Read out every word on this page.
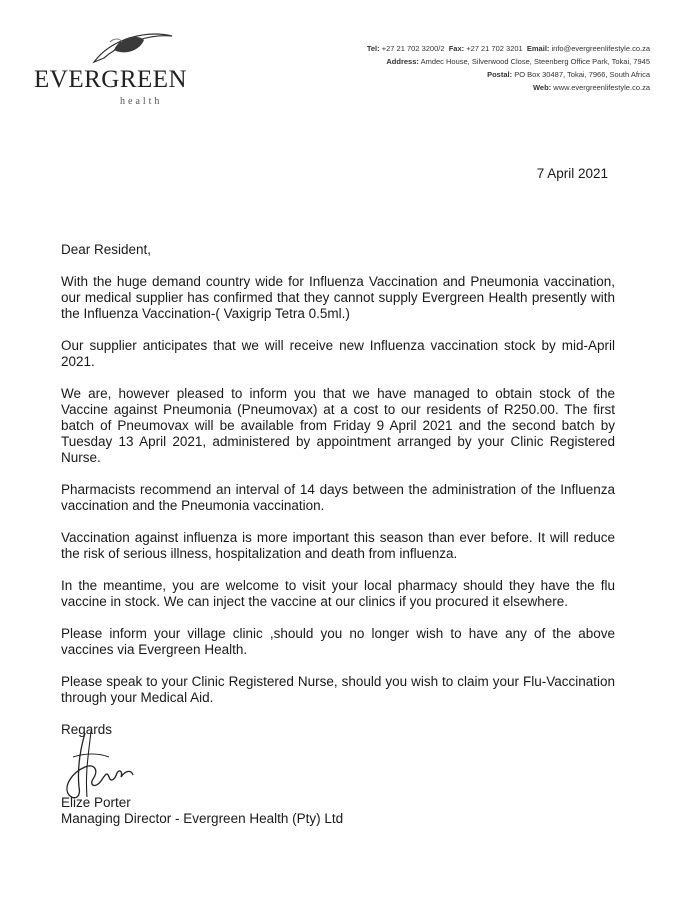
EVERGREEN
health
Tel: +27 21 702 3200/2 Fax: +27 21 702 3201 Email: info@evergreenlifestyle.co.za
Address: Amdec House, Silverwood Close, Steenberg Office Park, Tokai, 7945
Postal: PO Box 30487, Tokai, 7966, South Africa
Web: www.evergreenlifestyle.co.za
7 April 2021
Dear Resident,

With the huge demand country wide for Influenza Vaccination and Pneumonia vaccination, our medical supplier has confirmed that they cannot supply Evergreen Health presently with the Influenza Vaccination-( Vaxigrip Tetra 0.5ml.)

Our supplier anticipates that we will receive new Influenza vaccination stock by mid-April 2021.

We are, however pleased to inform you that we have managed to obtain stock of the Vaccine against Pneumonia (Pneumovax) at a cost to our residents of R250.00. The first batch of Pneumovax will be available from Friday 9 April 2021 and the second batch by Tuesday 13 April 2021, administered by appointment arranged by your Clinic Registered Nurse.

Pharmacists recommend an interval of 14 days between the administration of the Influenza vaccination and the Pneumonia vaccination.

Vaccination against influenza is more important this season than ever before. It will reduce the risk of serious illness, hospitalization and death from influenza.

In the meantime, you are welcome to visit your local pharmacy should they have the flu vaccine in stock. We can inject the vaccine at our clinics if you procured it elsewhere.

Please inform your village clinic ,should you no longer wish to have any of the above vaccines via Evergreen Health.

Please speak to your Clinic Registered Nurse, should you wish to claim your Flu-Vaccination through your Medical Aid.

Regards
Elize Porter
Managing Director - Evergreen Health (Pty) Ltd
